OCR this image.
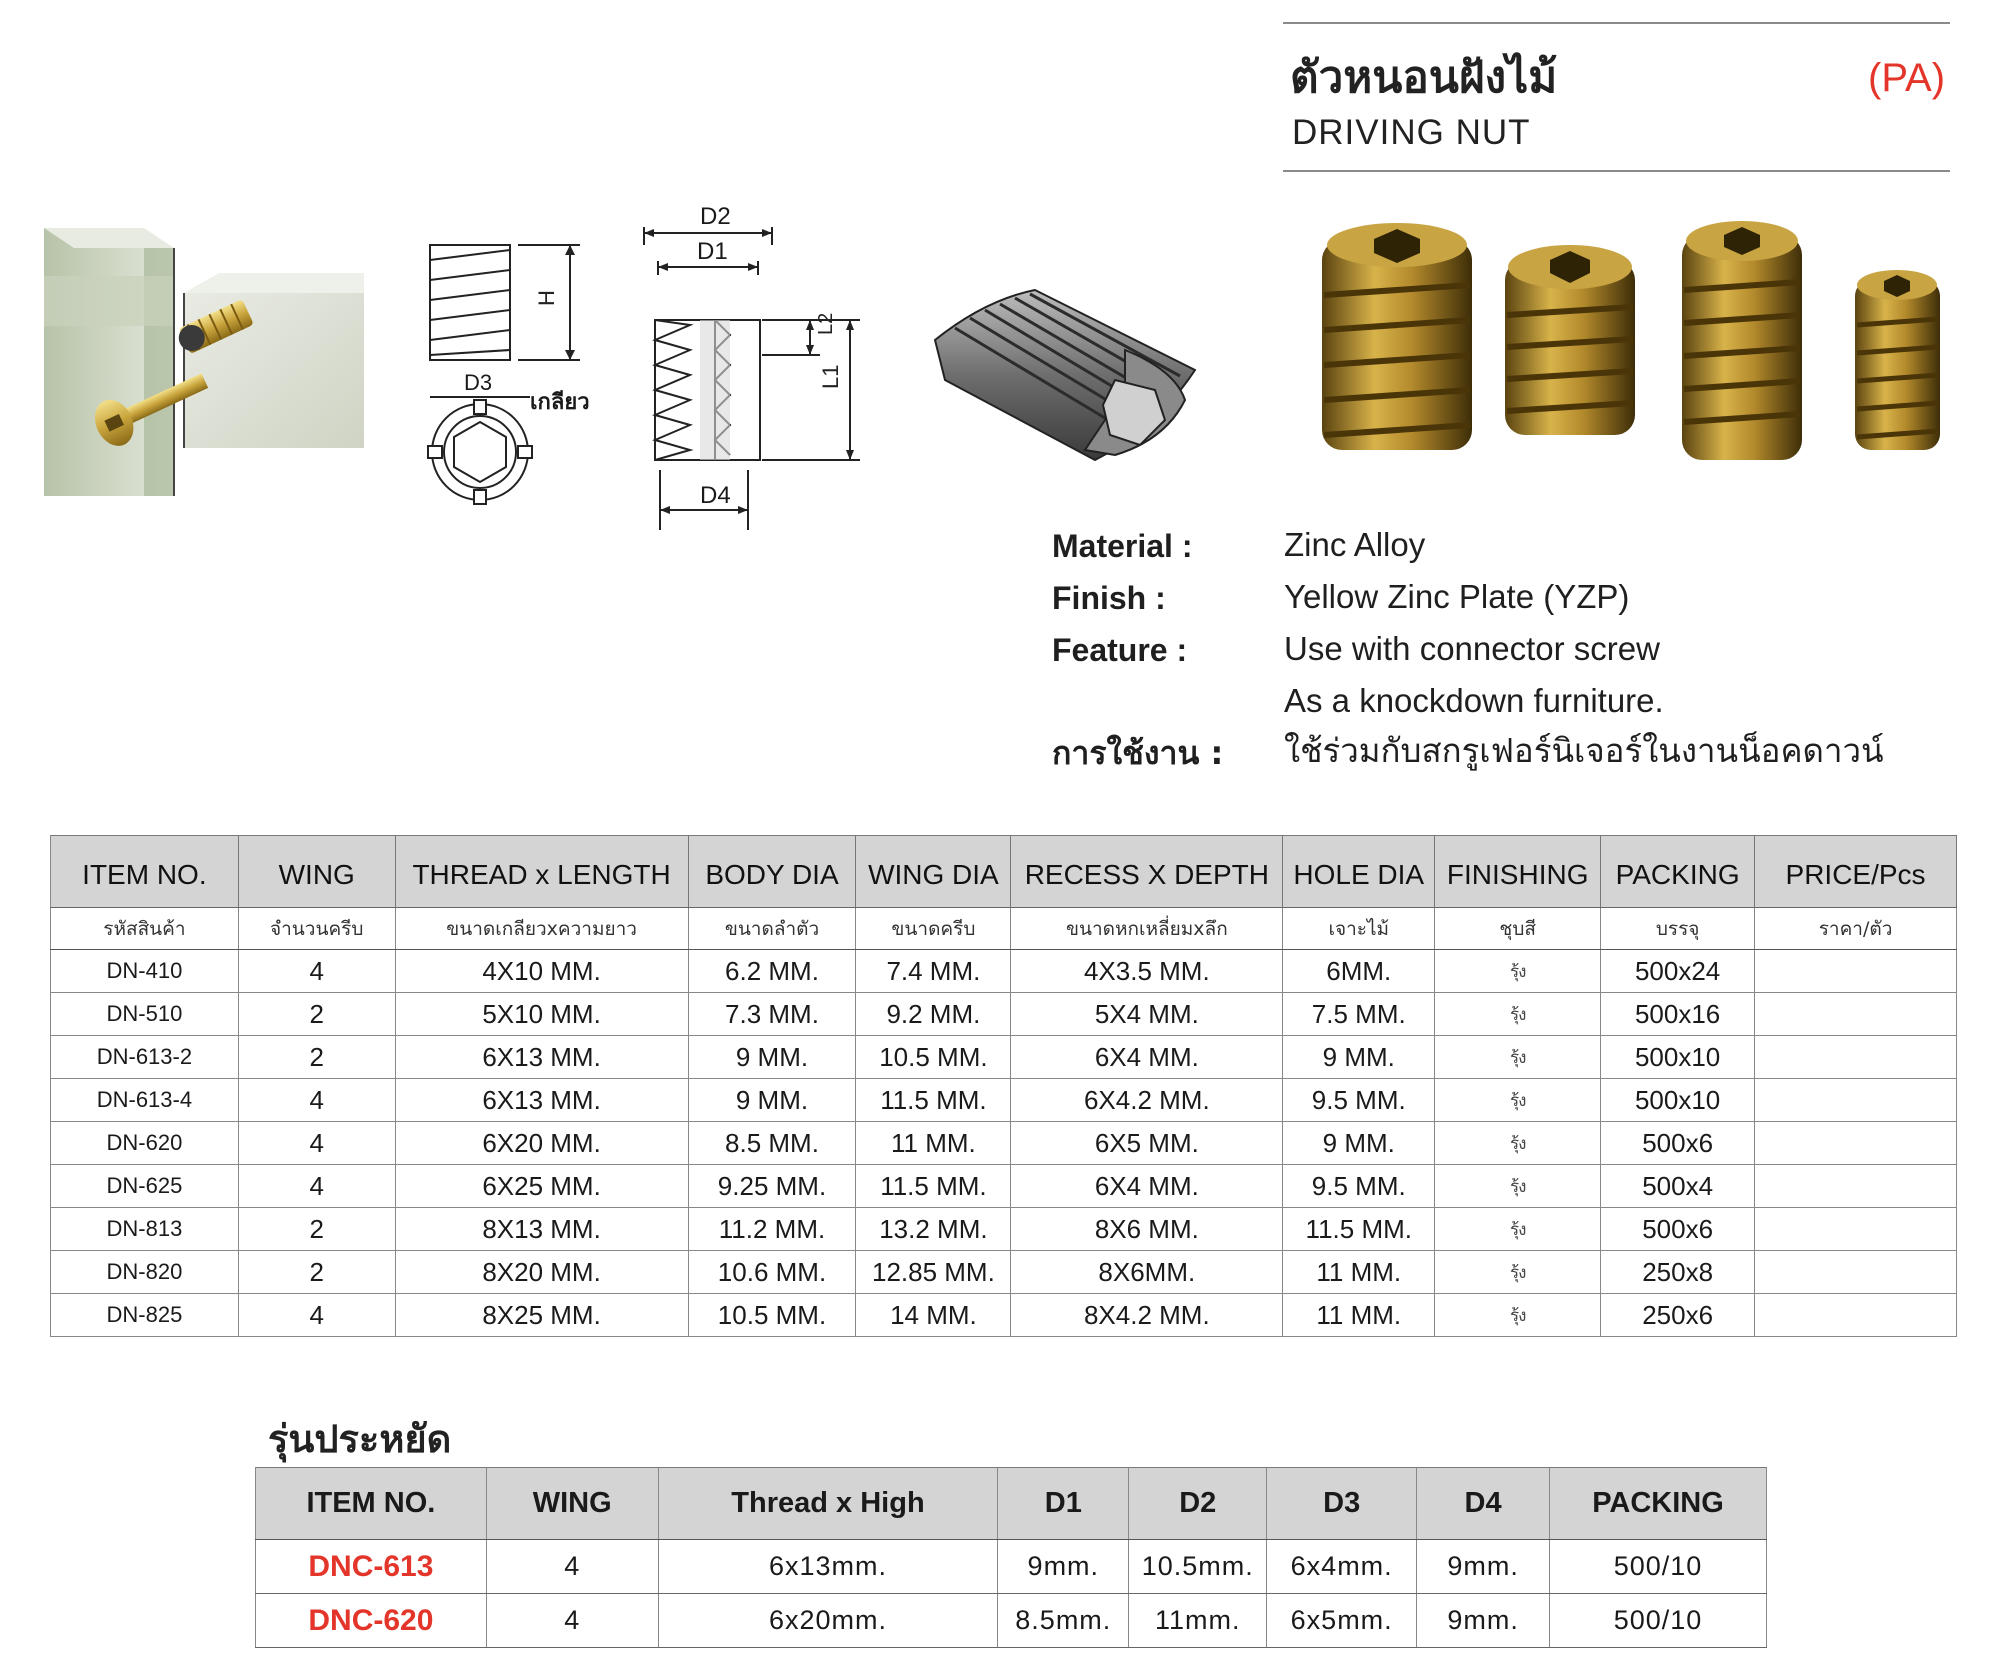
ตัวหนอนฝังไม้	(PA)
DRIVING NUT
H
D3
เกลียว
D2
D1
D4
L2
L1
Material :	Zinc Alloy
Finish :	Yellow Zinc Plate (YZP)
Feature :	Use with connector screw
As a knockdown furniture.
การใช้งาน : ใช้ร่วมกับสกรูเฟอร์นิเจอร์ในงานน็อคดาวน์
ITEM NO.	WING	THREAD x LENGTH	BODY DIA	WING DIA	RECESS X DEPTH	HOLE DIA	FINISHING	PACKING	PRICE/Pcs
รหัสสินค้า	จำนวนครีบ	ขนาดเกลียวxความยาว	ขนาดลำตัว	ขนาดครีบ	ขนาดหกเหลี่ยมxลึก	เจาะไม้	ชุบสี	บรรจุ	ราคา/ตัว
DN-410	4	4X10 MM.	6.2 MM.	7.4 MM.	4X3.5 MM.	6MM.	รุ้ง	500x24	
DN-510	2	5X10 MM.	7.3 MM.	9.2 MM.	5X4 MM.	7.5 MM.	รุ้ง	500x16	
DN-613-2	2	6X13 MM.	9 MM.	10.5 MM.	6X4 MM.	9 MM.	รุ้ง	500x10	
DN-613-4	4	6X13 MM.	9 MM.	11.5 MM.	6X4.2 MM.	9.5 MM.	รุ้ง	500x10	
DN-620	4	6X20 MM.	8.5 MM.	11 MM.	6X5 MM.	9 MM.	รุ้ง	500x6	
DN-625	4	6X25 MM.	9.25 MM.	11.5 MM.	6X4 MM.	9.5 MM.	รุ้ง	500x4	
DN-813	2	8X13 MM.	11.2 MM.	13.2 MM.	8X6 MM.	11.5 MM.	รุ้ง	500x6	
DN-820	2	8X20 MM.	10.6 MM.	12.85 MM.	8X6MM.	11 MM.	รุ้ง	250x8	
DN-825	4	8X25 MM.	10.5 MM.	14 MM.	8X4.2 MM.	11 MM.	รุ้ง	250x6	
รุ่นประหยัด
ITEM NO.	WING	Thread x High	D1	D2	D3	D4	PACKING
DNC-613	4	6x13mm.	9mm.	10.5mm.	6x4mm.	9mm.	500/10
DNC-620	4	6x20mm.	8.5mm.	11mm.	6x5mm.	9mm.	500/10
